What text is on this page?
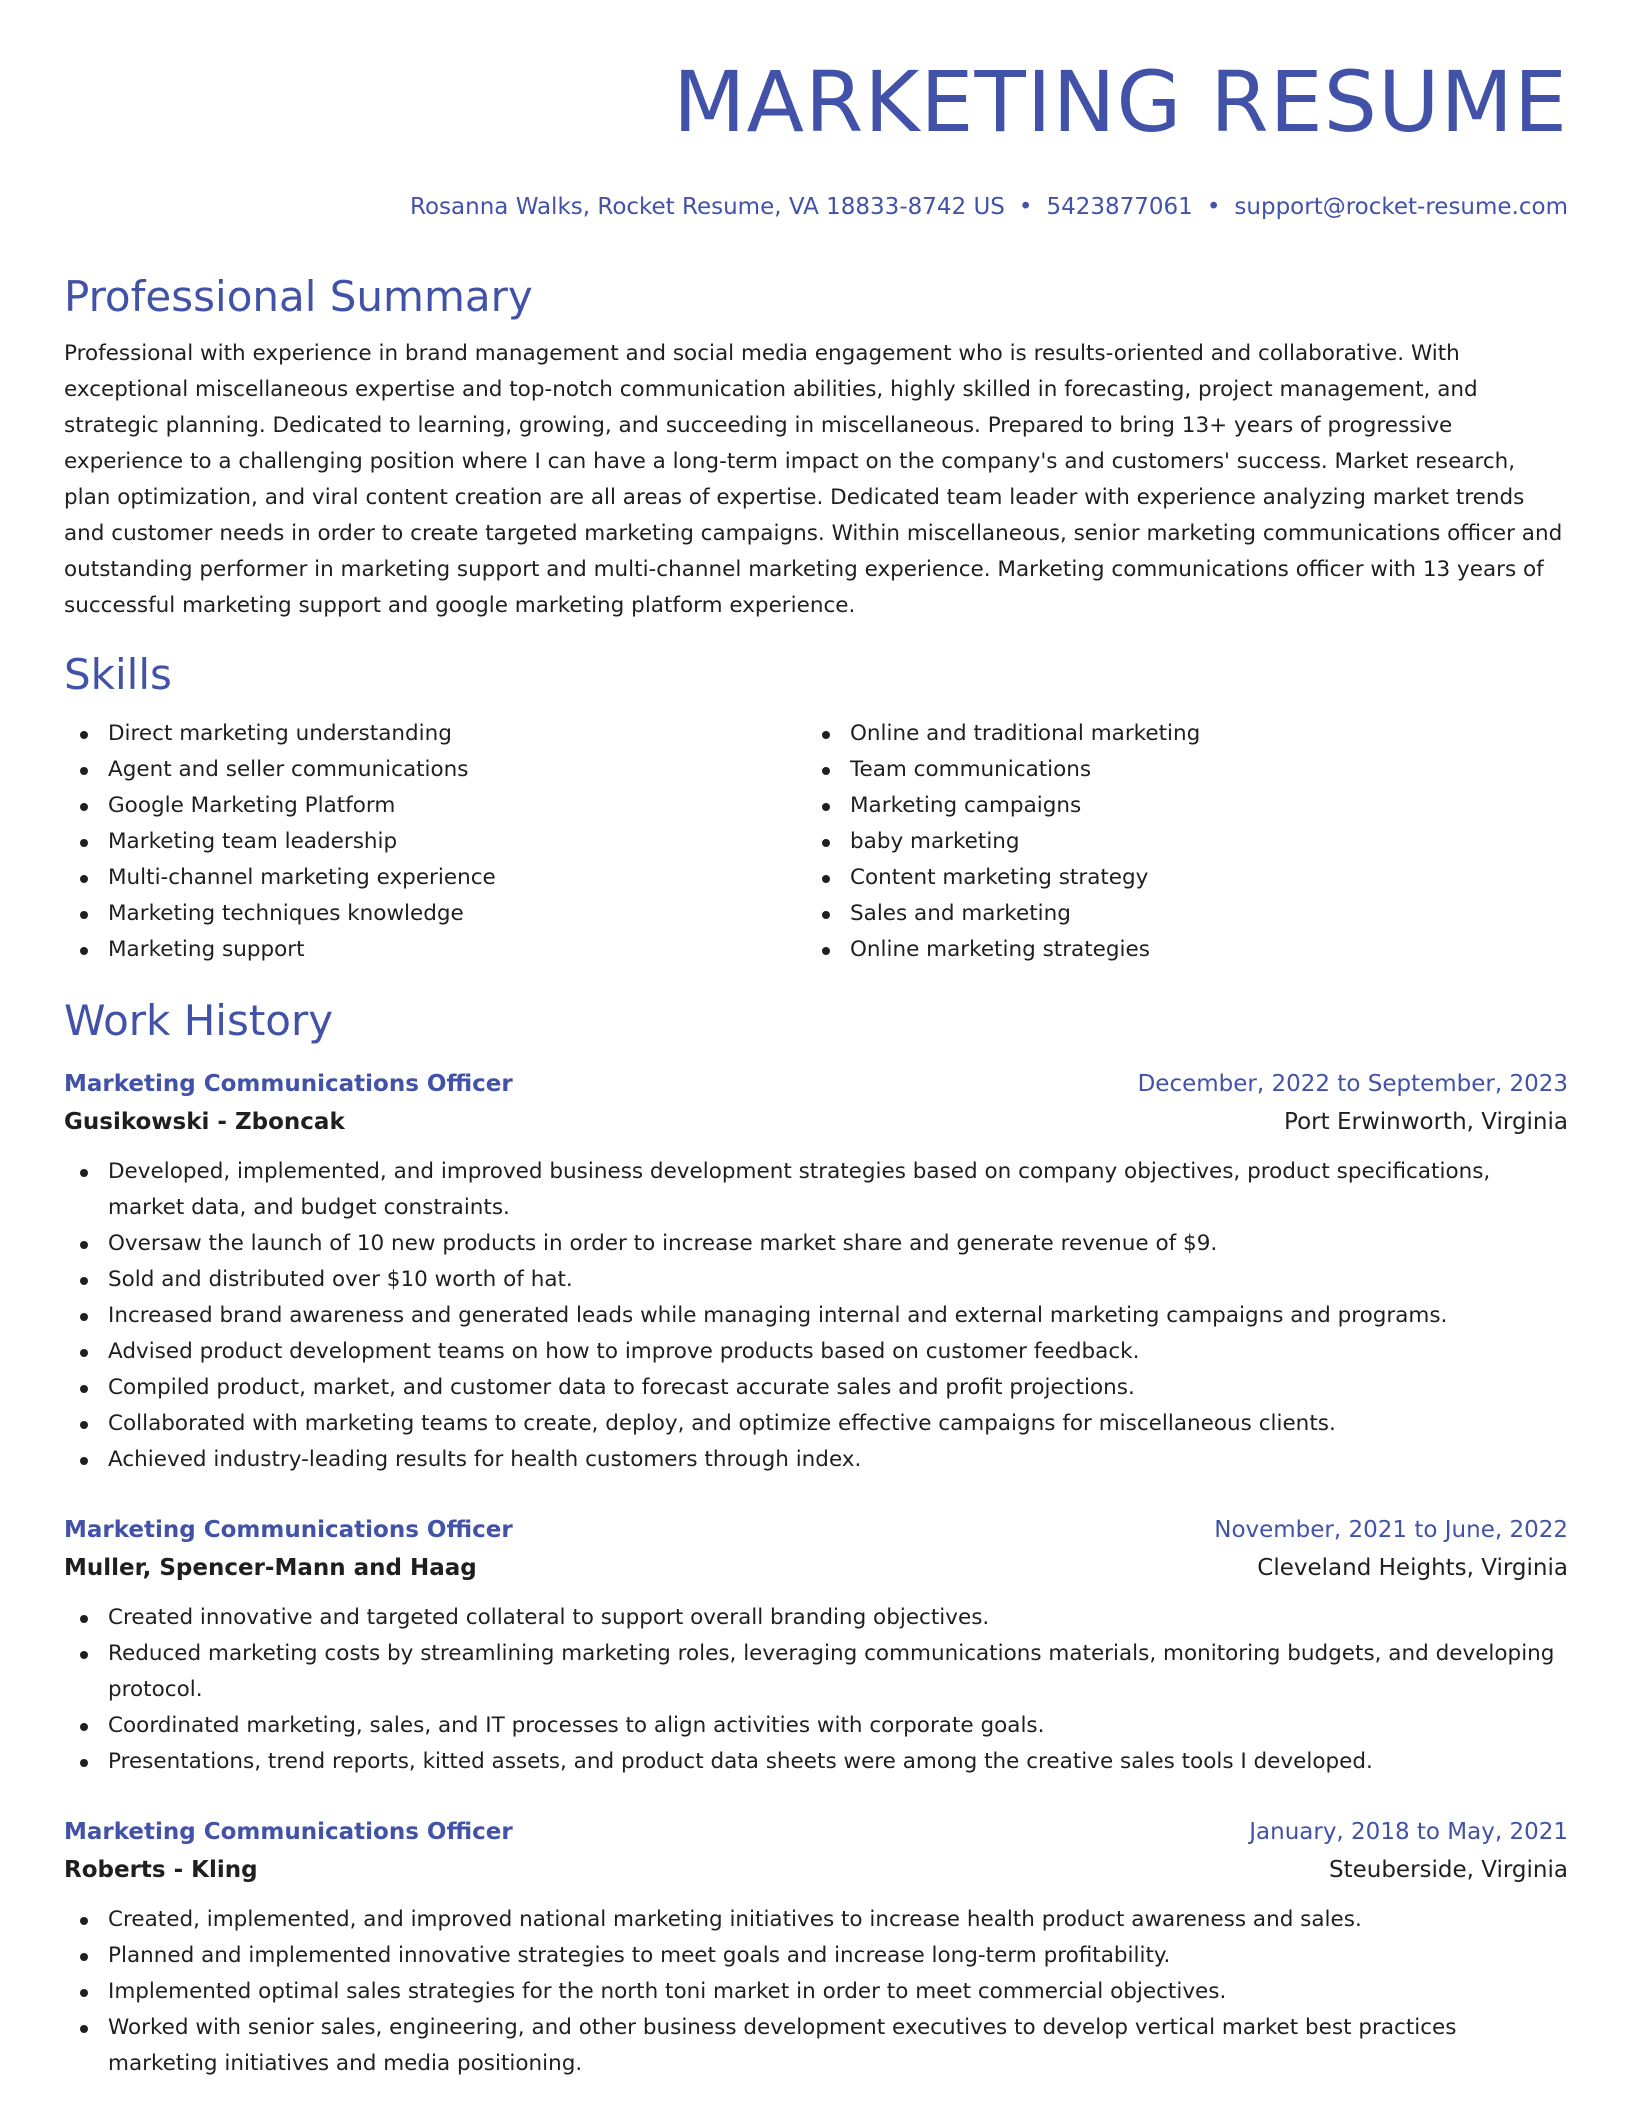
MARKETING RESUME
Rosanna Walks, Rocket Resume, VA 18833-8742 US • 5423877061 • support@rocket-resume.com
Professional Summary
Professional with experience in brand management and social media engagement who is results-oriented and collaborative. With exceptional miscellaneous expertise and top-notch communication abilities, highly skilled in forecasting, project management, and strategic planning. Dedicated to learning, growing, and succeeding in miscellaneous. Prepared to bring 13+ years of progressive experience to a challenging position where I can have a long-term impact on the company's and customers' success. Market research, plan optimization, and viral content creation are all areas of expertise. Dedicated team leader with experience analyzing market trends and customer needs in order to create targeted marketing campaigns. Within miscellaneous, senior marketing communications officer and outstanding performer in marketing support and multi-channel marketing experience. Marketing communications officer with 13 years of successful marketing support and google marketing platform experience.
Skills
Direct marketing understanding
Agent and seller communications
Google Marketing Platform
Marketing team leadership
Multi-channel marketing experience
Marketing techniques knowledge
Marketing support
Online and traditional marketing
Team communications
Marketing campaigns
baby marketing
Content marketing strategy
Sales and marketing
Online marketing strategies
Work History
Marketing Communications Officer	December, 2022 to September, 2023
Gusikowski - Zboncak	Port Erwinworth, Virginia
Developed, implemented, and improved business development strategies based on company objectives, product specifications, market data, and budget constraints.
Oversaw the launch of 10 new products in order to increase market share and generate revenue of $9.
Sold and distributed over $10 worth of hat.
Increased brand awareness and generated leads while managing internal and external marketing campaigns and programs.
Advised product development teams on how to improve products based on customer feedback.
Compiled product, market, and customer data to forecast accurate sales and profit projections.
Collaborated with marketing teams to create, deploy, and optimize effective campaigns for miscellaneous clients.
Achieved industry-leading results for health customers through index.
Marketing Communications Officer	November, 2021 to June, 2022
Muller, Spencer-Mann and Haag	Cleveland Heights, Virginia
Created innovative and targeted collateral to support overall branding objectives.
Reduced marketing costs by streamlining marketing roles, leveraging communications materials, monitoring budgets, and developing protocol.
Coordinated marketing, sales, and IT processes to align activities with corporate goals.
Presentations, trend reports, kitted assets, and product data sheets were among the creative sales tools I developed.
Marketing Communications Officer	January, 2018 to May, 2021
Roberts - Kling	Steuberside, Virginia
Created, implemented, and improved national marketing initiatives to increase health product awareness and sales.
Planned and implemented innovative strategies to meet goals and increase long-term profitability.
Implemented optimal sales strategies for the north toni market in order to meet commercial objectives.
Worked with senior sales, engineering, and other business development executives to develop vertical market best practices marketing initiatives and media positioning.
